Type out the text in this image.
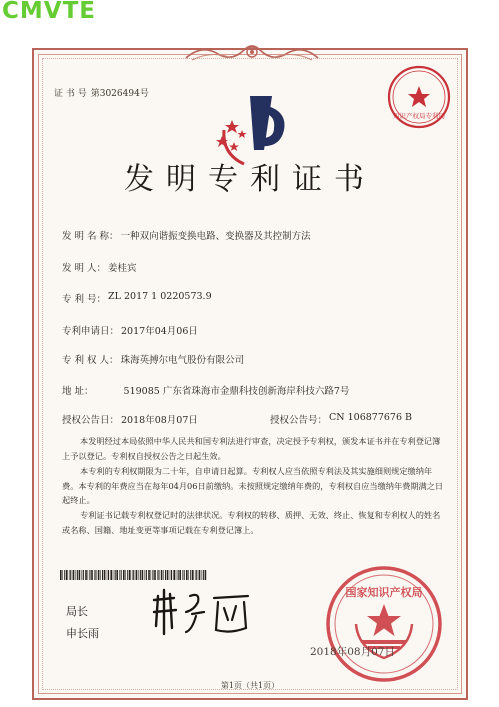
CMVTE
证 书 号 第3026494号
知识产权局专利局
发明专利证书
发 明 名 称： 一种双向谐振变换电路、变换器及其控制方法
发 明 人： 姜桂宾
专 利 号： ZL 2017 1 0220573.9
专利申请日： 2017年04月06日
专 利 权 人： 珠海英搏尔电气股份有限公司
地 址：	519085 广东省珠海市金鼎科技创新海岸科技六路7号
授权公告日： 2018年08月07日	授权公告号： CN 106877676 B

本发明经过本局依照中华人民共和国专利法进行审查，决定授予专利权，颁发本证书并在专利登记簿上予以登记。专利权自授权公告之日起生效。

本专利的专利权期限为二十年，自申请日起算。专利权人应当依照专利法及其实施细则规定缴纳年费。本专利的年费应当在每年04月06日前缴纳。未按照规定缴纳年费的，专利权自应当缴纳年费期满之日起终止。

专利证书记载专利权登记时的法律状况。专利权的转移、质押、无效、终止、恢复和专利权人的姓名或名称、国籍、地址变更等事项记载在专利登记簿上。

局长
申长雨
国家知识产权局
2018年08月07日
第1页（共1页）
